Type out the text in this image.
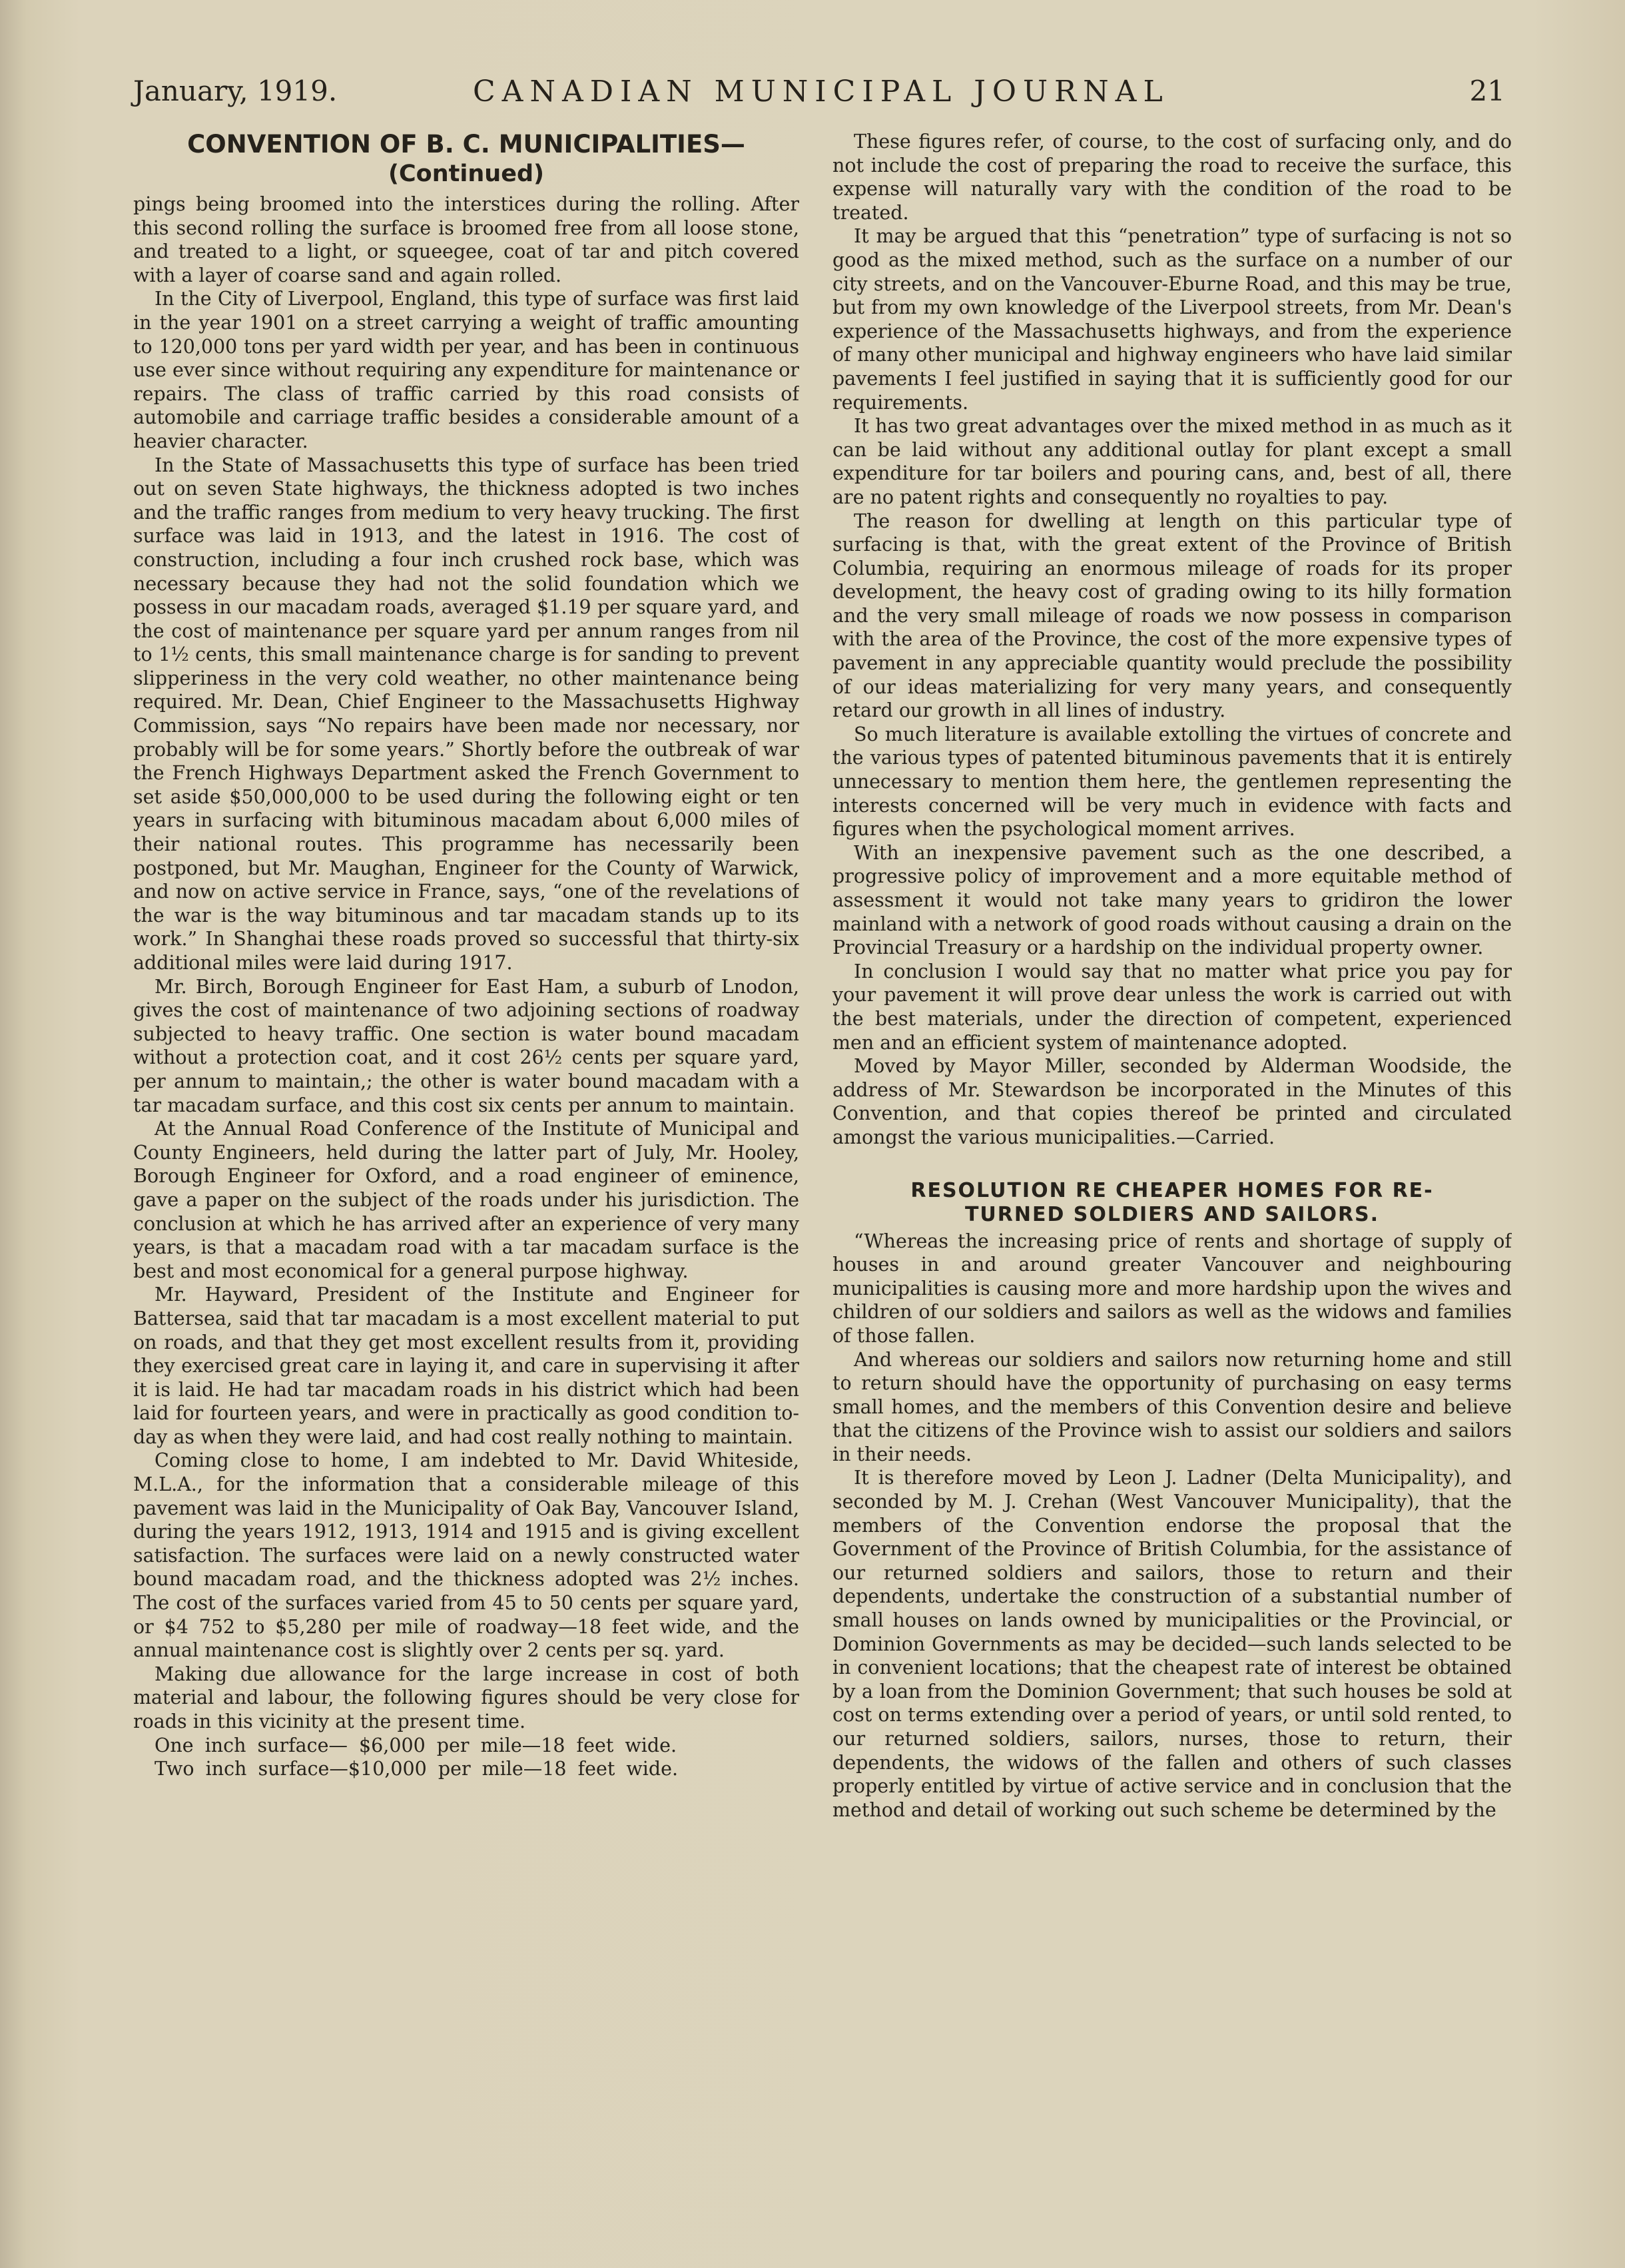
January, 1919.	CANADIAN MUNICIPAL JOURNAL	21
CONVENTION OF B. C. MUNICIPALITIES—
(Continued)

pings being broomed into the interstices during the rolling. After this second rolling the surface is broomed free from all loose stone, and treated to a light, or squeegee, coat of tar and pitch covered with a layer of coarse sand and again rolled.

In the City of Liverpool, England, this type of surface was first laid in the year 1901 on a street carrying a weight of traffic amounting to 120,000 tons per yard width per year, and has been in continuous use ever since without requiring any expenditure for maintenance or repairs. The class of traffic carried by this road consists of automobile and carriage traffic besides a considerable amount of a heavier character.

In the State of Massachusetts this type of surface has been tried out on seven State highways, the thickness adopted is two inches and the traffic ranges from medium to very heavy trucking. The first surface was laid in 1913, and the latest in 1916. The cost of construction, including a four inch crushed rock base, which was necessary because they had not the solid foundation which we possess in our macadam roads, averaged $1.19 per square yard, and the cost of maintenance per square yard per annum ranges from nil to 1½ cents, this small maintenance charge is for sanding to prevent slipperiness in the very cold weather, no other maintenance being required. Mr. Dean, Chief Engineer to the Massachusetts Highway Commission, says “No repairs have been made nor necessary, nor probably will be for some years.” Shortly before the outbreak of war the French Highways Department asked the French Government to set aside $50,000,000 to be used during the following eight or ten years in surfacing with bituminous macadam about 6,000 miles of their national routes. This programme has necessarily been postponed, but Mr. Maughan, Engineer for the County of Warwick, and now on active service in France, says, “one of the revelations of the war is the way bituminous and tar macadam stands up to its work.” In Shanghai these roads proved so successful that thirty-six additional miles were laid during 1917.

Mr. Birch, Borough Engineer for East Ham, a suburb of Lnodon, gives the cost of maintenance of two adjoining sections of roadway subjected to heavy traffic. One section is water bound macadam without a protection coat, and it cost 26½ cents per square yard, per annum to maintain,; the other is water bound macadam with a tar macadam surface, and this cost six cents per annum to maintain.

At the Annual Road Conference of the Institute of Municipal and County Engineers, held during the latter part of July, Mr. Hooley, Borough Engineer for Oxford, and a road engineer of eminence, gave a paper on the subject of the roads under his jurisdiction. The conclusion at which he has arrived after an experience of very many years, is that a macadam road with a tar macadam surface is the best and most economical for a general purpose highway.

Mr. Hayward, President of the Institute and Engineer for Battersea, said that tar macadam is a most excellent material to put on roads, and that they get most excellent results from it, providing they exercised great care in laying it, and care in supervising it after it is laid. He had tar macadam roads in his district which had been laid for fourteen years, and were in practically as good condition to-day as when they were laid, and had cost really nothing to maintain.

Coming close to home, I am indebted to Mr. David Whiteside, M.L.A., for the information that a considerable mileage of this pavement was laid in the Municipality of Oak Bay, Vancouver Island, during the years 1912, 1913, 1914 and 1915 and is giving excellent satisfaction. The surfaces were laid on a newly constructed water bound macadam road, and the thickness adopted was 2½ inches. The cost of the surfaces varied from 45 to 50 cents per square yard, or $4 752 to $5,280 per mile of roadway—18 feet wide, and the annual maintenance cost is slightly over 2 cents per sq. yard.

Making due allowance for the large increase in cost of both material and labour, the following figures should be very close for roads in this vicinity at the present time.

One inch surface— $6,000 per mile—18 feet wide.

Two inch surface—$10,000 per mile—18 feet wide.

These figures refer, of course, to the cost of surfacing only, and do not include the cost of preparing the road to receive the surface, this expense will naturally vary with the condition of the road to be treated.

It may be argued that this “penetration” type of surfacing is not so good as the mixed method, such as the surface on a number of our city streets, and on the Vancouver-Eburne Road, and this may be true, but from my own knowledge of the Liverpool streets, from Mr. Dean's experience of the Massachusetts highways, and from the experience of many other municipal and highway engineers who have laid similar pavements I feel justified in saying that it is sufficiently good for our requirements.

It has two great advantages over the mixed method in as much as it can be laid without any additional outlay for plant except a small expenditure for tar boilers and pouring cans, and, best of all, there are no patent rights and consequently no royalties to pay.

The reason for dwelling at length on this particular type of surfacing is that, with the great extent of the Province of British Columbia, requiring an enormous mileage of roads for its proper development, the heavy cost of grading owing to its hilly formation and the very small mileage of roads we now possess in comparison with the area of the Province, the cost of the more expensive types of pavement in any appreciable quantity would preclude the possibility of our ideas materializing for very many years, and consequently retard our growth in all lines of industry.

So much literature is available extolling the virtues of concrete and the various types of patented bituminous pavements that it is entirely unnecessary to mention them here, the gentlemen representing the interests concerned will be very much in evidence with facts and figures when the psychological moment arrives.

With an inexpensive pavement such as the one described, a progressive policy of improvement and a more equitable method of assessment it would not take many years to gridiron the lower mainland with a network of good roads without causing a drain on the Provincial Treasury or a hardship on the individual property owner.

In conclusion I would say that no matter what price you pay for your pavement it will prove dear unless the work is carried out with the best materials, under the direction of competent, experienced men and an efficient system of maintenance adopted.

Moved by Mayor Miller, seconded by Alderman Woodside, the address of Mr. Stewardson be incorporated in the Minutes of this Convention, and that copies thereof be printed and circulated amongst the various municipalities.—Carried.

RESOLUTION RE CHEAPER HOMES FOR RE-
TURNED SOLDIERS AND SAILORS.

“Whereas the increasing price of rents and shortage of supply of houses in and around greater Vancouver and neighbouring municipalities is causing more and more hardship upon the wives and children of our soldiers and sailors as well as the widows and families of those fallen.

And whereas our soldiers and sailors now returning home and still to return should have the opportunity of purchasing on easy terms small homes, and the members of this Convention desire and believe that the citizens of the Province wish to assist our soldiers and sailors in their needs.

It is therefore moved by Leon J. Ladner (Delta Municipality), and seconded by M. J. Crehan (West Vancouver Municipality), that the members of the Convention endorse the proposal that the Government of the Province of British Columbia, for the assistance of our returned soldiers and sailors, those to return and their dependents, undertake the construction of a substantial number of small houses on lands owned by municipalities or the Provincial, or Dominion Governments as may be decided—such lands selected to be in convenient locations; that the cheapest rate of interest be obtained by a loan from the Dominion Government; that such houses be sold at cost on terms extending over a period of years, or until sold rented, to our returned soldiers, sailors, nurses, those to return, their dependents, the widows of the fallen and others of such classes properly entitled by virtue of active service and in conclusion that the method and detail of working out such scheme be determined by the
